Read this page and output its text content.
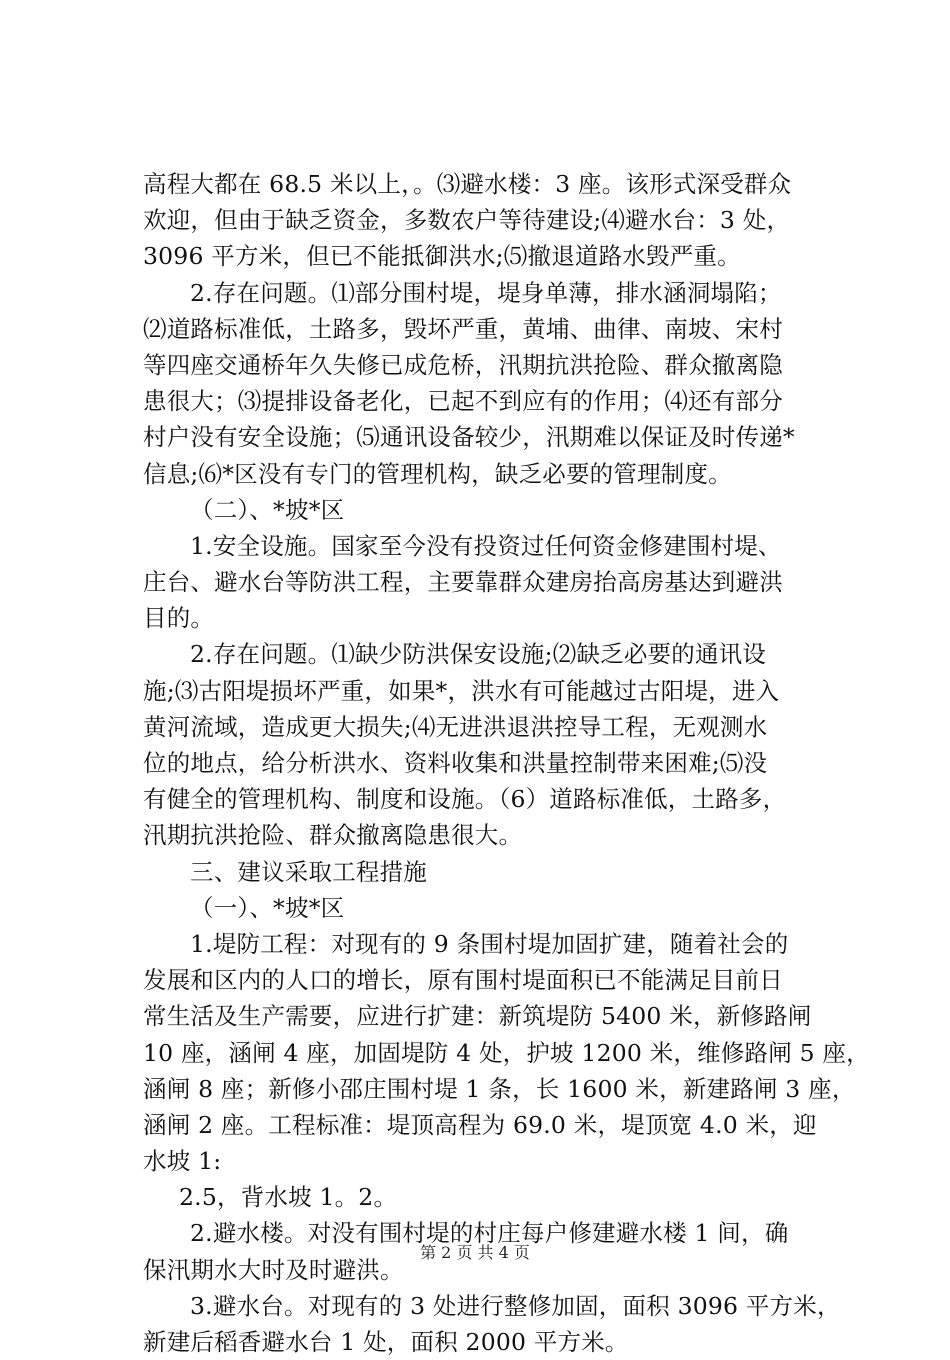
高程大都在 68.5 米以上，。⑶避水楼：3 座。该形式深受群众
欢迎，但由于缺乏资金，多数农户等待建设;⑷避水台：3 处，
3096 平方米，但已不能抵御洪水;⑸撤退道路水毁严重。
2.存在问题。⑴部分围村堤，堤身单薄，排水涵洞塌陷；
⑵道路标准低，土路多，毁坏严重，黄埔、曲律、南坡、宋村
等四座交通桥年久失修已成危桥，汛期抗洪抢险、群众撤离隐
患很大；⑶提排设备老化，已起不到应有的作用；⑷还有部分
村户没有安全设施；⑸通讯设备较少，汛期难以保证及时传递*
信息;⑹*区没有专门的管理机构，缺乏必要的管理制度。
（二）、*坡*区
1.安全设施。国家至今没有投资过任何资金修建围村堤、
庄台、避水台等防洪工程，主要靠群众建房抬高房基达到避洪
目的。
2.存在问题。⑴缺少防洪保安设施;⑵缺乏必要的通讯设
施;⑶古阳堤损坏严重，如果*，洪水有可能越过古阳堤，进入
黄河流域，造成更大损失;⑷无进洪退洪控导工程，无观测水
位的地点，给分析洪水、资料收集和洪量控制带来困难;⑸没
有健全的管理机构、制度和设施。（6）道路标准低，土路多，
汛期抗洪抢险、群众撤离隐患很大。
三、建议采取工程措施
（一）、*坡*区
1.堤防工程：对现有的 9 条围村堤加固扩建，随着社会的
发展和区内的人口的增长，原有围村堤面积已不能满足目前日
常生活及生产需要，应进行扩建：新筑堤防 5400 米，新修路闸
10 座，涵闸 4 座，加固堤防 4 处，护坡 1200 米，维修路闸 5 座，
涵闸 8 座；新修小邵庄围村堤 1 条，长 1600 米，新建路闸 3 座，
涵闸 2 座。工程标准：堤顶高程为 69.0 米，堤顶宽 4.0 米，迎
水坡 1:
2.5，背水坡 1。2。
2.避水楼。对没有围村堤的村庄每户修建避水楼 1 间，确
保汛期水大时及时避洪。
3.避水台。对现有的 3 处进行整修加固，面积 3096 平方米，
新建后稻香避水台 1 处，面积 2000 平方米。
第 2 页 共 4 页
